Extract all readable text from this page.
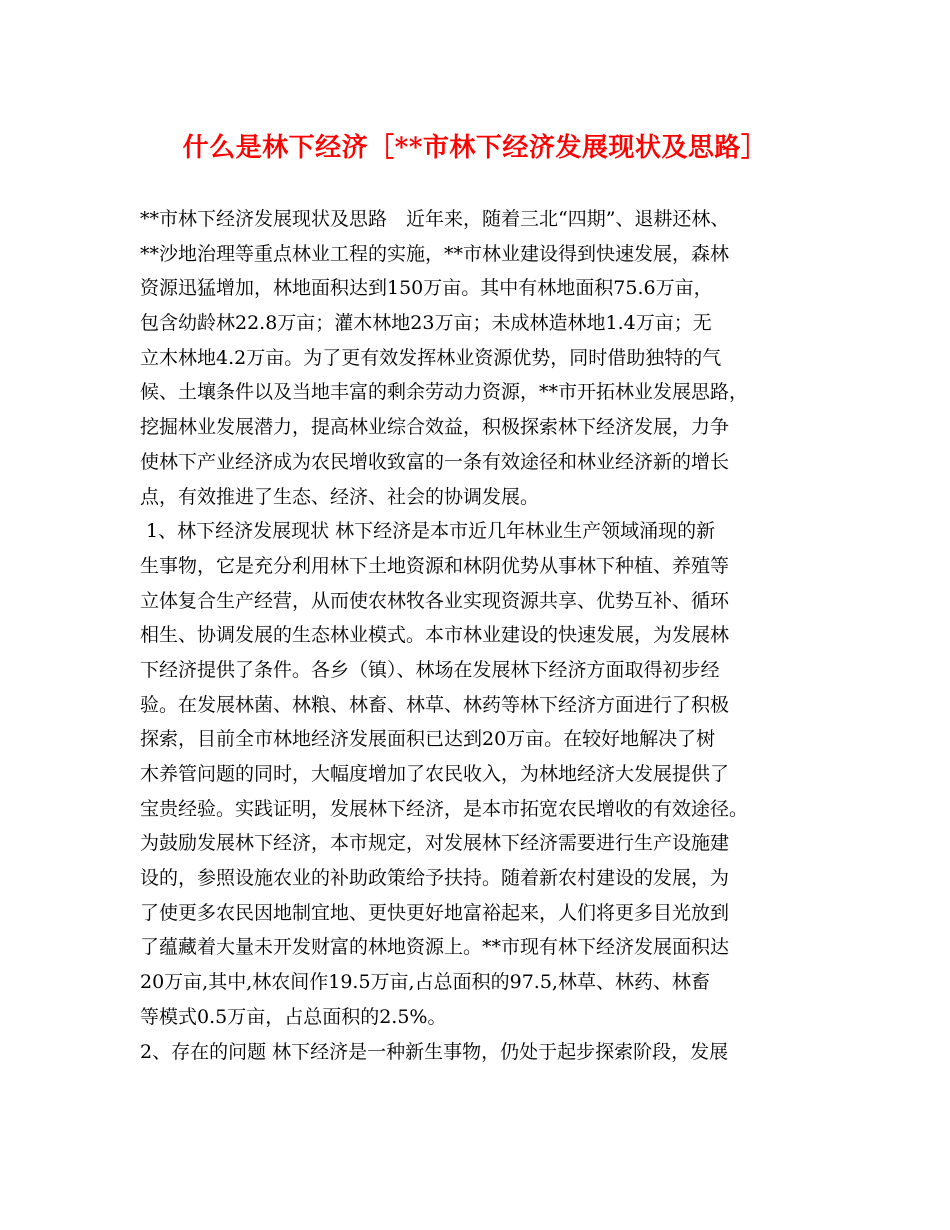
什么是林下经济［**市林下经济发展现状及思路］
**市林下经济发展现状及思路　近年来，随着三北“四期”、退耕还林、
**沙地治理等重点林业工程的实施，**市林业建设得到快速发展，森林
资源迅猛增加，林地面积达到150万亩。其中有林地面积75.6万亩，
包含幼龄林22.8万亩；灌木林地23万亩；未成林造林地1.4万亩；无
立木林地4.2万亩。为了更有效发挥林业资源优势，同时借助独特的气
候、土壤条件以及当地丰富的剩余劳动力资源，**市开拓林业发展思路，
挖掘林业发展潜力，提高林业综合效益，积极探索林下经济发展，力争
使林下产业经济成为农民增收致富的一条有效途径和林业经济新的增长
点，有效推进了生态、经济、社会的协调发展。
1、林下经济发展现状 林下经济是本市近几年林业生产领域涌现的新
生事物，它是充分利用林下土地资源和林阴优势从事林下种植、养殖等
立体复合生产经营，从而使农林牧各业实现资源共享、优势互补、循环
相生、协调发展的生态林业模式。本市林业建设的快速发展，为发展林
下经济提供了条件。各乡（镇）、林场在发展林下经济方面取得初步经
验。在发展林菌、林粮、林畜、林草、林药等林下经济方面进行了积极
探索，目前全市林地经济发展面积已达到20万亩。在较好地解决了树
木养管问题的同时，大幅度增加了农民收入，为林地经济大发展提供了
宝贵经验。实践证明，发展林下经济，是本市拓宽农民增收的有效途径。
为鼓励发展林下经济，本市规定，对发展林下经济需要进行生产设施建
设的，参照设施农业的补助政策给予扶持。随着新农村建设的发展，为
了使更多农民因地制宜地、更快更好地富裕起来，人们将更多目光放到
了蕴藏着大量未开发财富的林地资源上。**市现有林下经济发展面积达
20万亩,其中,林农间作19.5万亩,占总面积的97.5,林草、林药、林畜
等模式0.5万亩，占总面积的2.5%。
2、存在的问题 林下经济是一种新生事物，仍处于起步探索阶段，发展
